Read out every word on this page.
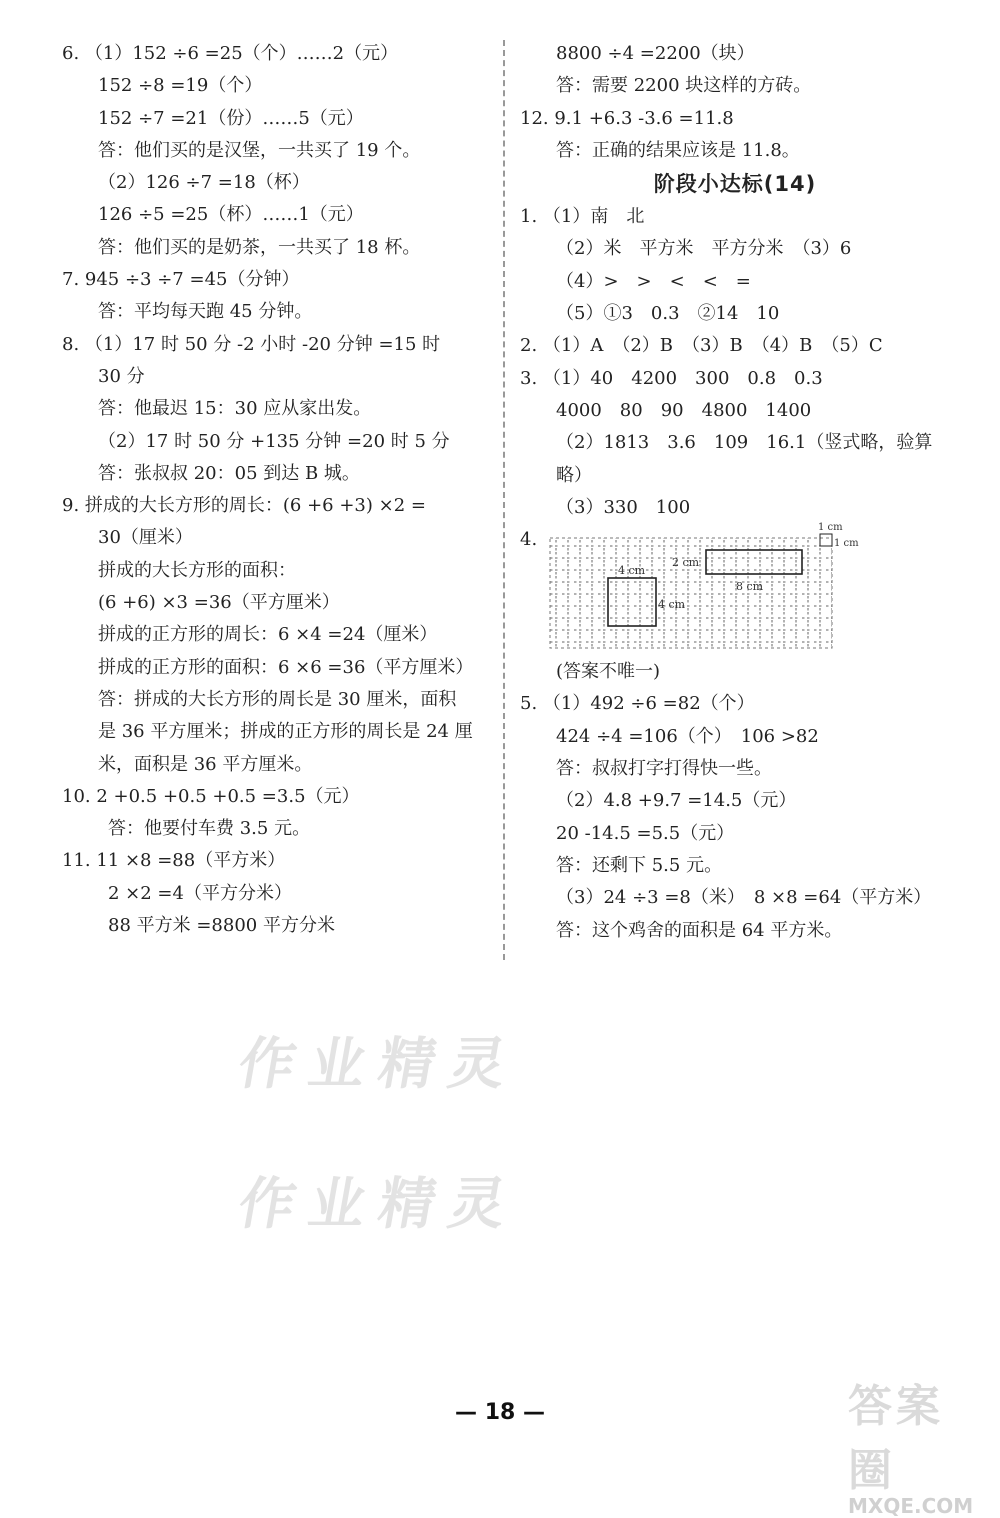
6. （1）152 ÷6 =25（个）……2（元）
152 ÷8 =19（个）
152 ÷7 =21（份）……5（元）
答：他们买的是汉堡，一共买了 19 个。
（2）126 ÷7 =18（杯）
126 ÷5 =25（杯）……1（元）
答：他们买的是奶茶，一共买了 18 杯。
7. 945 ÷3 ÷7 =45（分钟）
答：平均每天跑 45 分钟。
8. （1）17 时 50 分 -2 小时 -20 分钟 =15 时
30 分
答：他最迟 15：30 应从家出发。
（2）17 时 50 分 +135 分钟 =20 时 5 分
答：张叔叔 20：05 到达 B 城。
9. 拼成的大长方形的周长：(6 +6 +3) ×2 =
30（厘米）
拼成的大长方形的面积：
(6 +6) ×3 =36（平方厘米）
拼成的正方形的周长：6 ×4 =24（厘米）
拼成的正方形的面积：6 ×6 =36（平方厘米）
答：拼成的大长方形的周长是 30 厘米，面积
是 36 平方厘米；拼成的正方形的周长是 24 厘
米，面积是 36 平方厘米。
10. 2 +0.5 +0.5 +0.5 =3.5（元）
答：他要付车费 3.5 元。
11. 11 ×8 =88（平方米）
2 ×2 =4（平方分米）
88 平方米 =8800 平方分米
8800 ÷4 =2200（块）
答：需要 2200 块这样的方砖。
12. 9.1 +6.3 -3.6 =11.8
答：正确的结果应该是 11.8。
阶段小达标(14)
1. （1）南　北
（2）米　平方米　平方分米　（3）6
（4）>　>　<　<　=
（5）①3　0.3　②14　10
2. （1）A　（2）B　（3）B　（4）B　（5）C
3. （1）40　4200　300　0.8　0.3
4000　80　90　4800　1400
（2）1813　3.6　109　16.1（竖式略，验算
略）
（3）330　100
4.
1 cm
1 cm
2 cm
8 cm
4 cm
4 cm
(答案不唯一)
5. （1）492 ÷6 =82（个）
424 ÷4 =106（个）　106 >82
答：叔叔打字打得快一些。
（2）4.8 +9.7 =14.5（元）
20 -14.5 =5.5（元）
答：还剩下 5.5 元。
（3）24 ÷3 =8（米）　8 ×8 =64（平方米）
答：这个鸡舍的面积是 64 平方米。
作业精灵
作业精灵
— 18 —	答案圈
MXQE.COM
